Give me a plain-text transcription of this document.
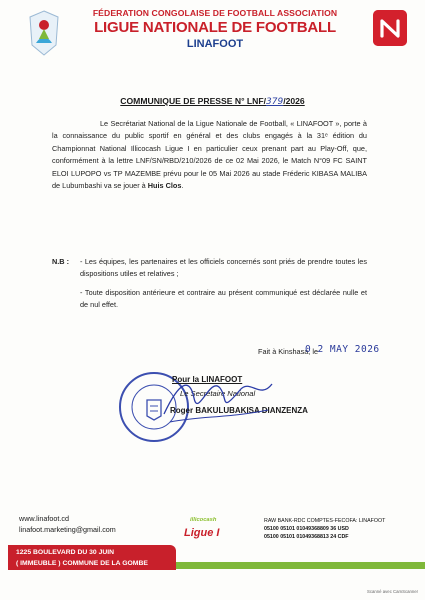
FÉDERATION CONGOLAISE DE FOOTBALL ASSOCIATION
LIGUE NATIONALE DE FOOTBALL
LINAFOOT
COMMUNIQUE DE PRESSE N° LNF/379/2026

Le Secrétariat National de la Ligue Nationale de Football, « LINAFOOT », porte à la connaissance du public sportif en général et des clubs engagés à la 31ᵉ édition du Championnat National Illicocash Ligue I en particulier ceux prenant part au Play-Off, que, conformément à la lettre LNF/SN/RBD/210/2026 de ce 02 Mai 2026, le Match N°09 FC SAINT ELOI LUPOPO vs TP MAZEMBE prévu pour le 05 Mai 2026 au stade Fréderic KIBASA MALIBA de Lubumbashi va se jouer à Huis Clos.

N.B :	- Les équipes, les partenaires et les officiels concernés sont priés de prendre toutes les dispositions utiles et relatives ;
- Toute disposition antérieure et contraire au présent communiqué est déclarée nulle et de nul effet.
Fait à Kinshasa, le
0 2 MAY 2026
Pour la LINAFOOT
Le Secrétaire National
Roger BAKULUBAKISA DIANZENZA
www.linafoot.cd
linafoot.marketing@gmail.com
1225 BOULEVARD DU 30 JUIN
( IMMEUBLE ) COMMUNE DE LA GOMBE
illicocash
Ligue I
RAW BANK-RDC COMPTES-FECOFA: LINAFOOT
05100 05101 01049368809 36 USD
05100 05101 01049368813 24 CDF
Scanné avec CamScanner
